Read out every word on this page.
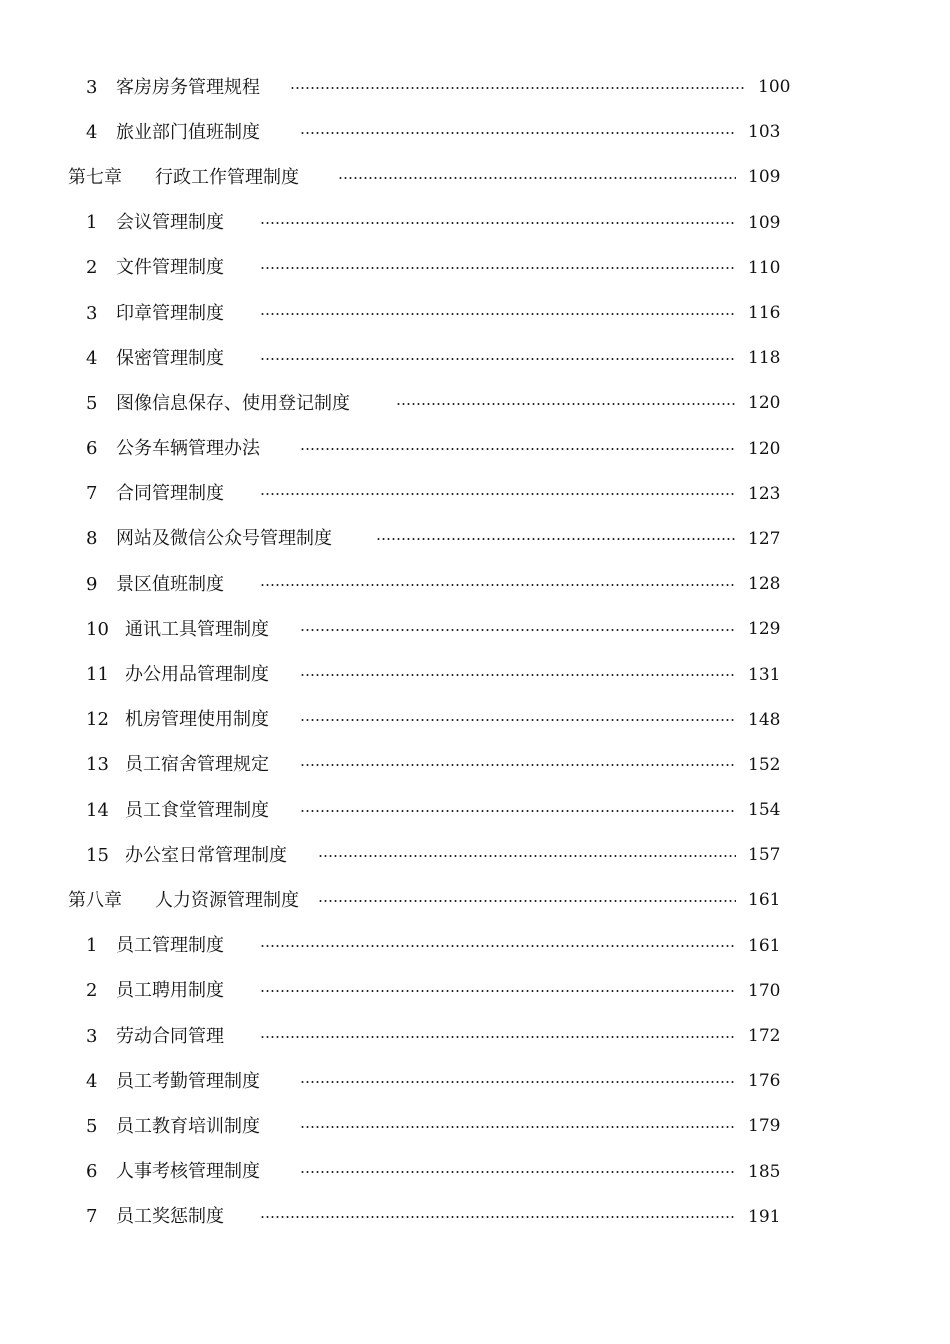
3 客房房务管理规程	100
4 旅业部门值班制度	103
第七章 行政工作管理制度	109
1 会议管理制度	109
2 文件管理制度	110
3 印章管理制度	116
4 保密管理制度	118
5 图像信息保存、使用登记制度	120
6 公务车辆管理办法	120
7 合同管理制度	123
8 网站及微信公众号管理制度	127
9 景区值班制度	128
10 通讯工具管理制度	129
11 办公用品管理制度	131
12 机房管理使用制度	148
13 员工宿舍管理规定	152
14 员工食堂管理制度	154
15 办公室日常管理制度	157
第八章 人力资源管理制度	161
1 员工管理制度	161
2 员工聘用制度	170
3 劳动合同管理	172
4 员工考勤管理制度	176
5 员工教育培训制度	179
6 人事考核管理制度	185
7 员工奖惩制度	191
